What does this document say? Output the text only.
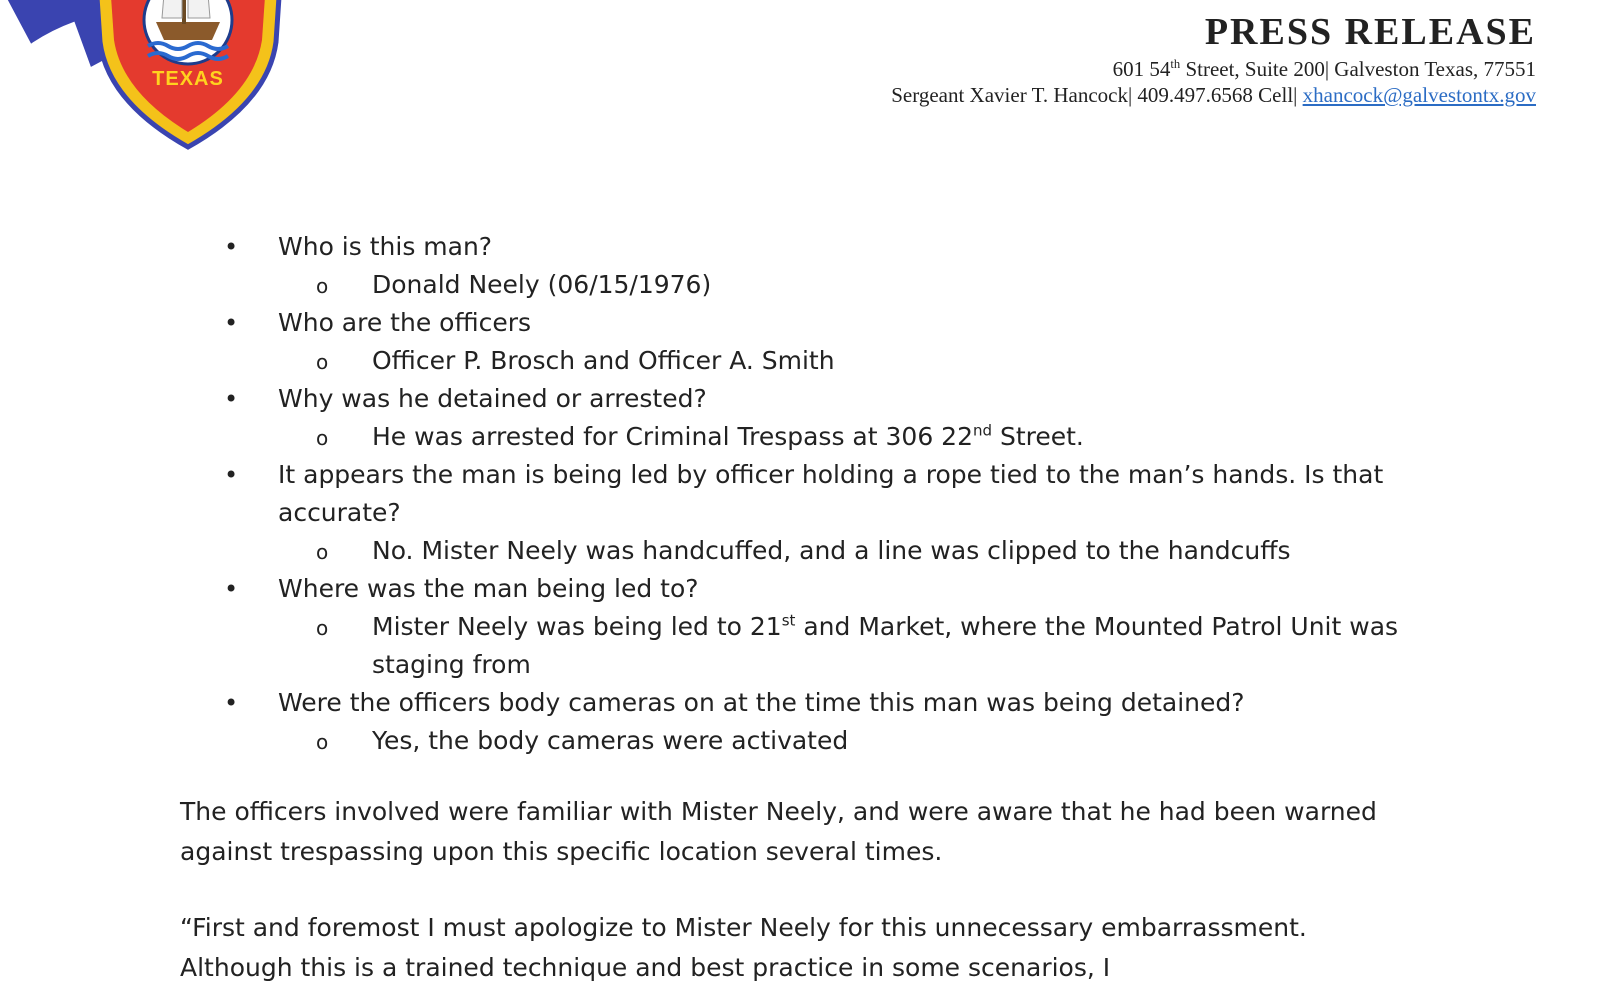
TEXAS
PRESS RELEASE
601 54th Street, Suite 200| Galveston Texas, 77551
Sergeant Xavier T. Hancock| 409.497.6568 Cell| xhancock@galvestontx.gov
• Who is this man?
o Donald Neely (06/15/1976)
• Who are the officers
o Officer P. Brosch and Officer A. Smith
• Why was he detained or arrested?
o He was arrested for Criminal Trespass at 306 22nd Street.
• It appears the man is being led by officer holding a rope tied to the man’s hands. Is that accurate?
o No. Mister Neely was handcuffed, and a line was clipped to the handcuffs
• Where was the man being led to?
o Mister Neely was being led to 21st and Market, where the Mounted Patrol Unit was staging from
• Were the officers body cameras on at the time this man was being detained?
o Yes, the body cameras were activated
The officers involved were familiar with Mister Neely, and were aware that he had been warned against trespassing upon this specific location several times.
“First and foremost I must apologize to Mister Neely for this unnecessary embarrassment. Although this is a trained technique and best practice in some scenarios, I
